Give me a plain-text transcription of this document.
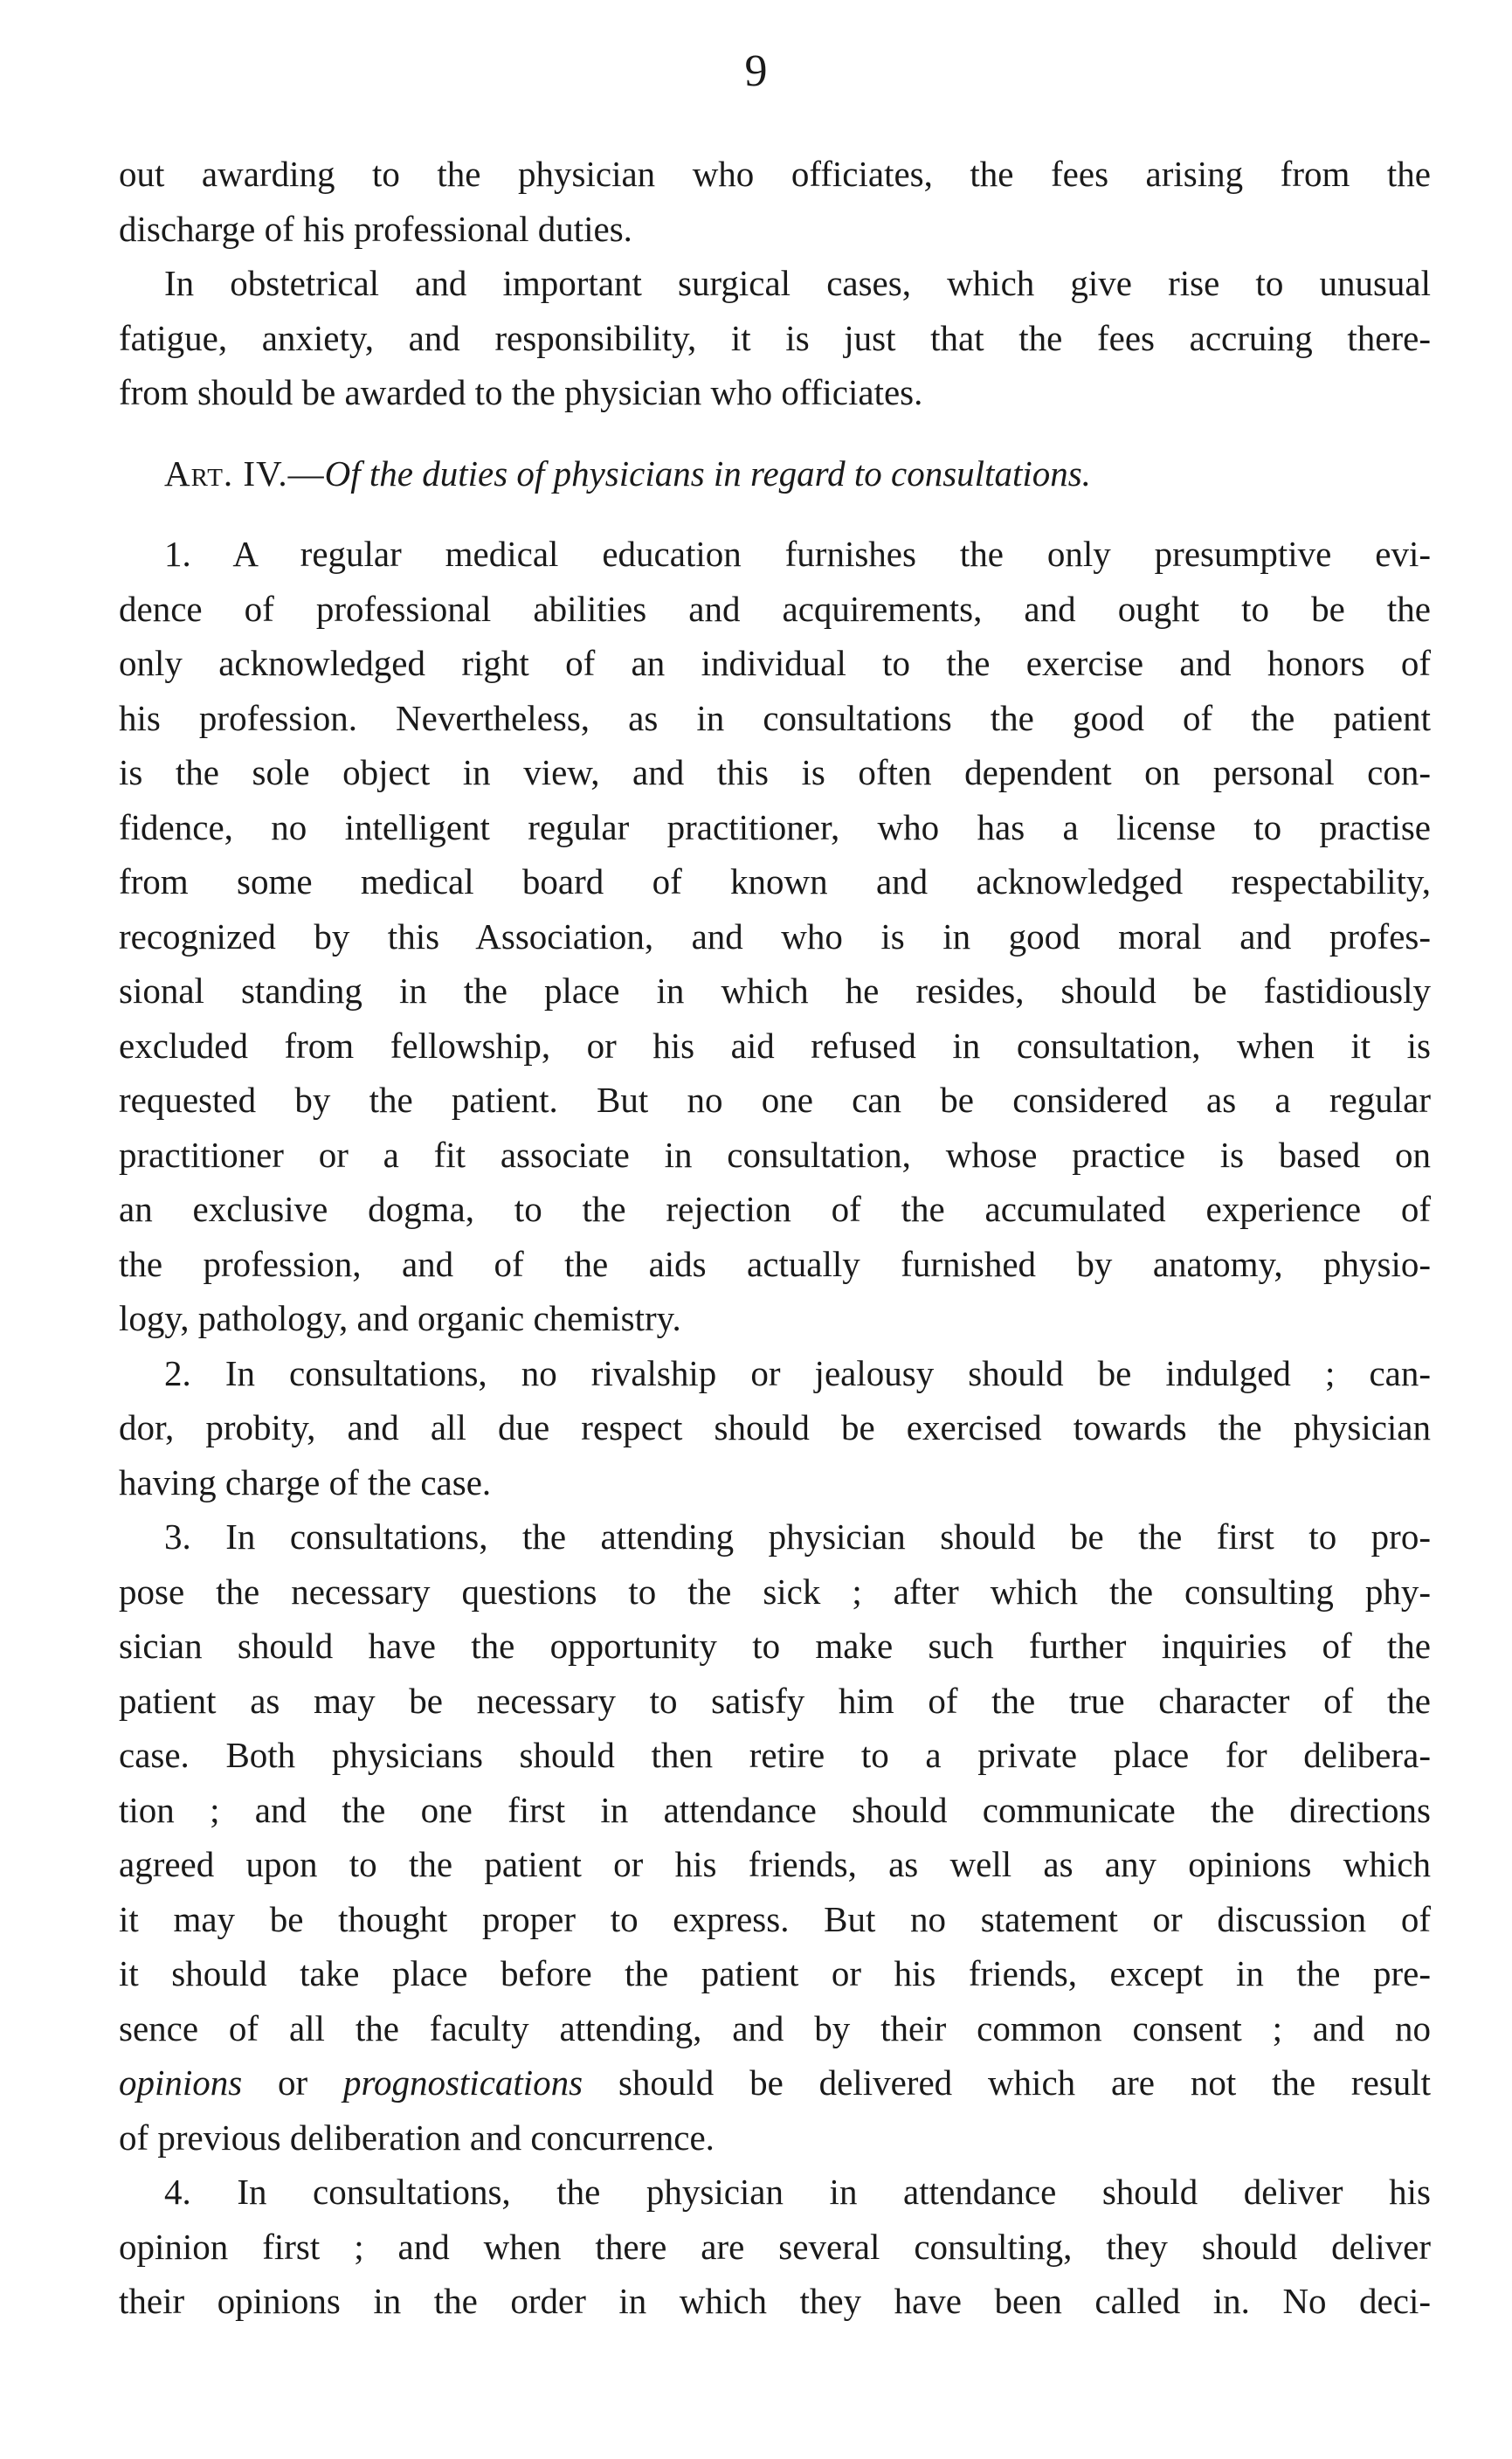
9
out awarding to the physician who officiates, the fees arising from the
discharge of his professional duties.
In obstetrical and important surgical cases, which give rise to unusual
fatigue, anxiety, and responsibility, it is just that the fees accruing there-
from should be awarded to the physician who officiates.
Art. IV.—Of the duties of physicians in regard to consultations.
1. A regular medical education furnishes the only presumptive evi-
dence of professional abilities and acquirements, and ought to be the
only acknowledged right of an individual to the exercise and honors of
his profession. Nevertheless, as in consultations the good of the patient
is the sole object in view, and this is often dependent on personal con-
fidence, no intelligent regular practitioner, who has a license to practise
from some medical board of known and acknowledged respectability,
recognized by this Association, and who is in good moral and profes-
sional standing in the place in which he resides, should be fastidiously
excluded from fellowship, or his aid refused in consultation, when it is
requested by the patient. But no one can be considered as a regular
practitioner or a fit associate in consultation, whose practice is based on
an exclusive dogma, to the rejection of the accumulated experience of
the profession, and of the aids actually furnished by anatomy, physio-
logy, pathology, and organic chemistry.
2. In consultations, no rivalship or jealousy should be indulged ; can-
dor, probity, and all due respect should be exercised towards the physician
having charge of the case.
3. In consultations, the attending physician should be the first to pro-
pose the necessary questions to the sick ; after which the consulting phy-
sician should have the opportunity to make such further inquiries of the
patient as may be necessary to satisfy him of the true character of the
case. Both physicians should then retire to a private place for delibera-
tion ; and the one first in attendance should communicate the directions
agreed upon to the patient or his friends, as well as any opinions which
it may be thought proper to express. But no statement or discussion of
it should take place before the patient or his friends, except in the pre-
sence of all the faculty attending, and by their common consent ; and no
opinions or prognostications should be delivered which are not the result
of previous deliberation and concurrence.
4. In consultations, the physician in attendance should deliver his
opinion first ; and when there are several consulting, they should deliver
their opinions in the order in which they have been called in. No deci-
